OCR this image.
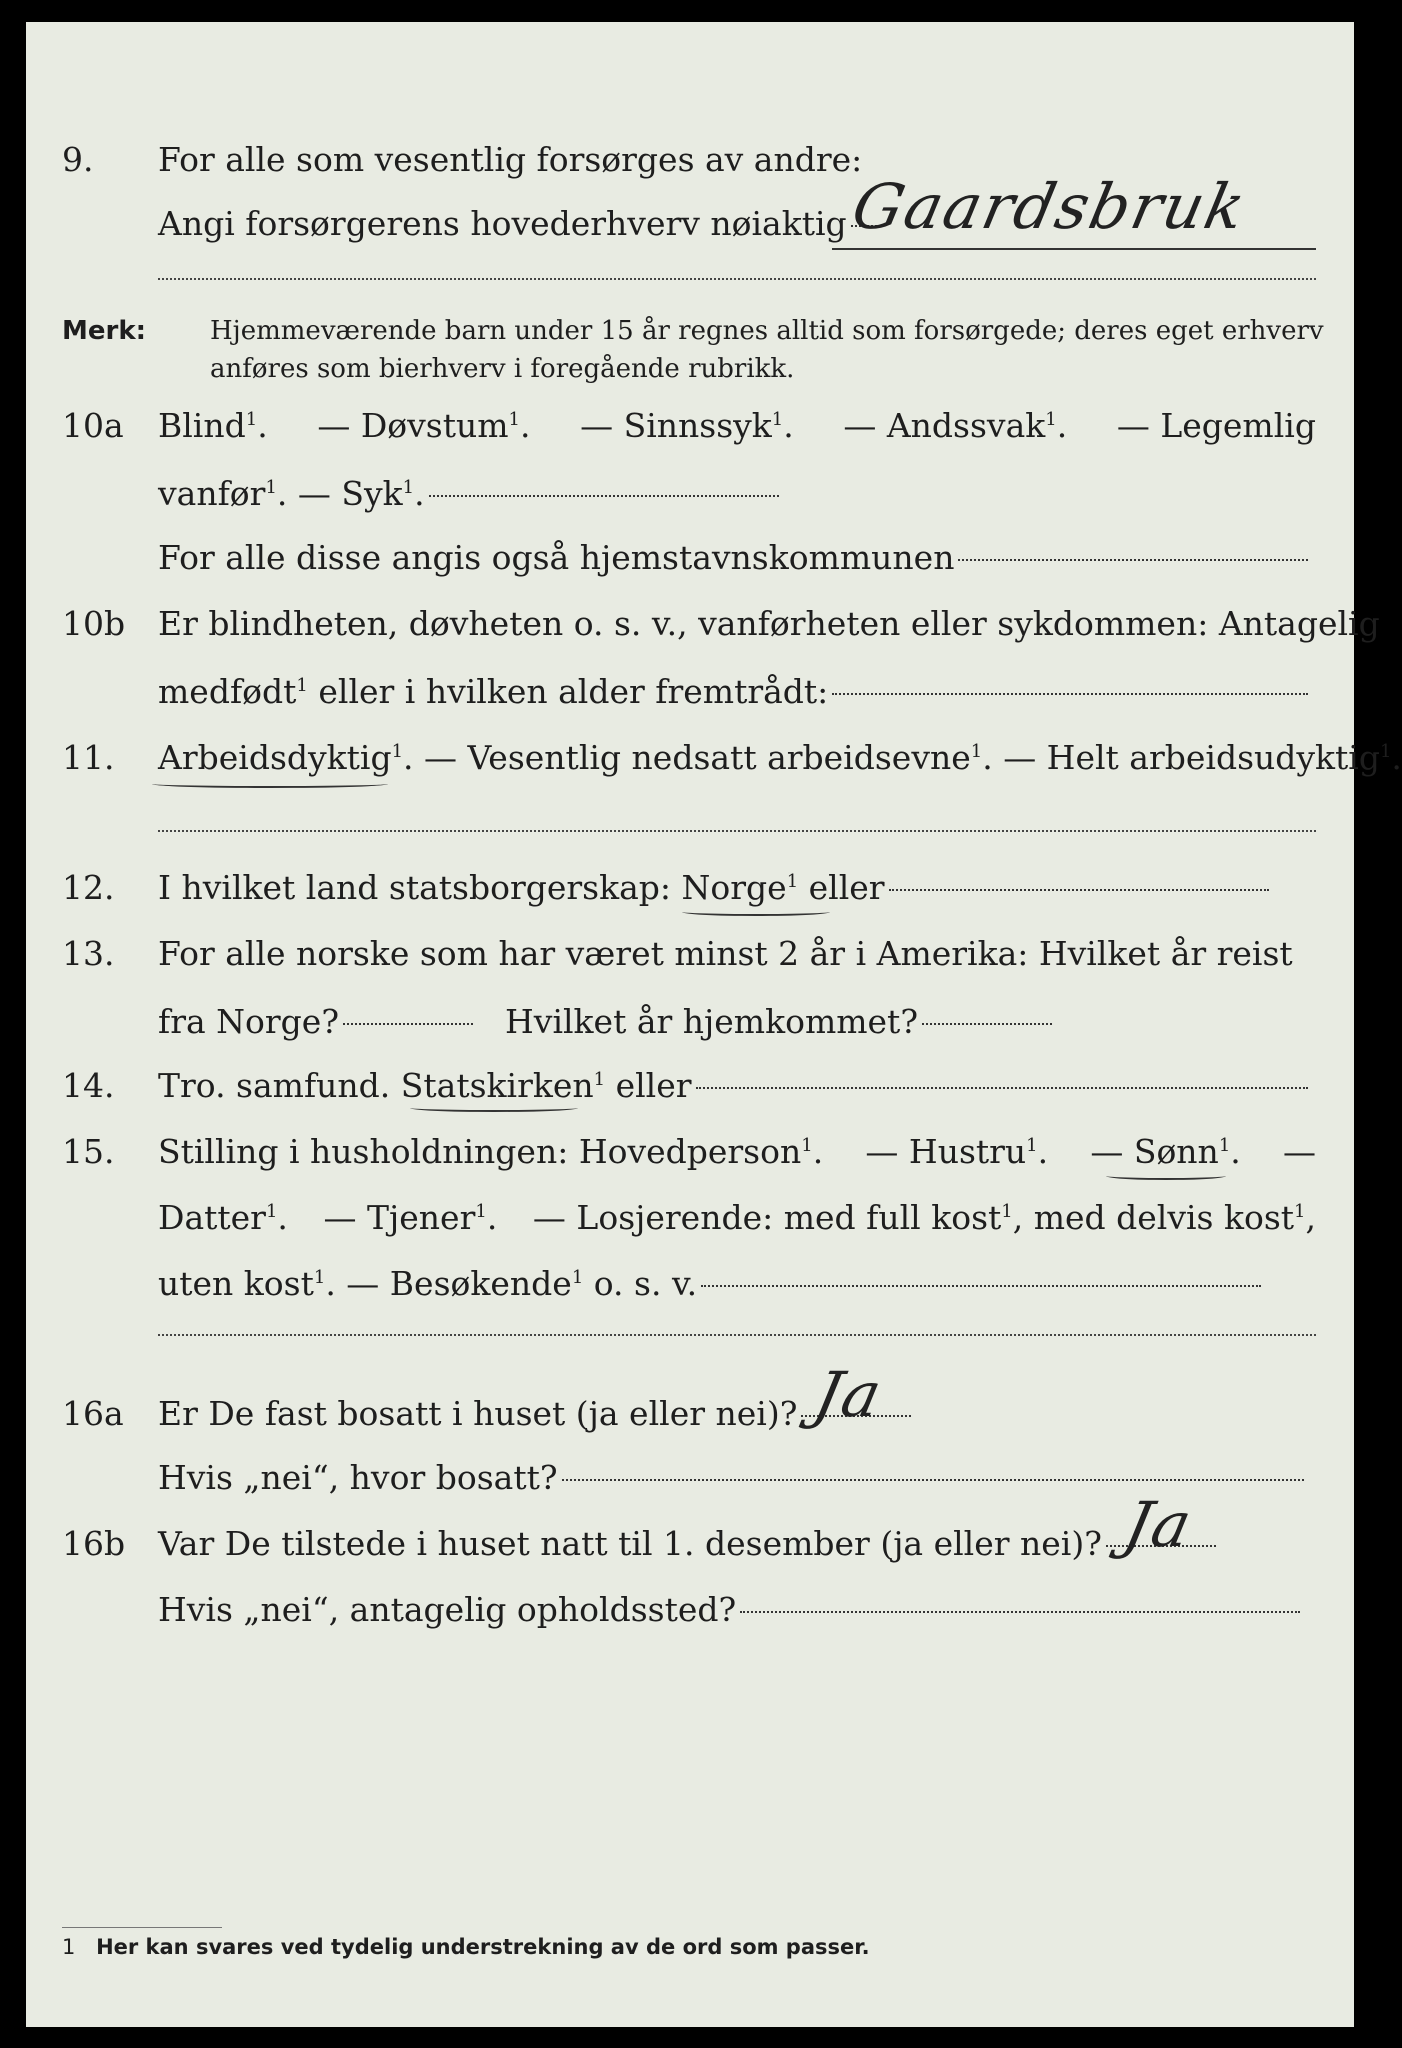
9. For alle som vesentlig forsørges av andre:
Angi forsørgerens hovederhverv nøiaktig Gaardsbruk
Merk: Hjemmeværende barn under 15 år regnes alltid som forsørgede; deres eget erhverv
anføres som bierhverv i foregående rubrikk.
10a Blind$^1$. — Døvstum$^1$. — Sinnssyk$^1$. — Andssvak$^1$. — Legemlig
vanfør$^1$. — Syk$^1$.
For alle disse angis også hjemstavnskommunen
10b Er blindheten, døvheten o. s. v., vanførheten eller sykdommen: Antagelig
medfødt$^1$ eller i hvilken alder fremtrådt:
11. Arbeidsdyktig$^1$. — Vesentlig nedsatt arbeidsevne$^1$. — Helt arbeidsudyktig$^1$.
12. I hvilket land statsborgerskap: Norge$^1$ eller
13. For alle norske som har været minst 2 år i Amerika: Hvilket år reist
fra Norge?	Hvilket år hjemkommet?
14. Tro. samfund. Statskirken$^1$ eller
15. Stilling i husholdningen: Hovedperson$^1$. — Hustru$^1$. — Sønn$^1$. —
Datter$^1$. — Tjener$^1$. — Losjerende: med full kost$^1$, med delvis kost$^1$,
uten kost$^1$. — Besøkende$^1$ o. s. v.
16a Er De fast bosatt i huset (ja eller nei)? Ja
Hvis „nei“, hvor bosatt?
16b Var De tilstede i huset natt til 1. desember (ja eller nei)? Ja
Hvis „nei“, antagelig opholdssted?
1 Her kan svares ved tydelig understrekning av de ord som passer.
